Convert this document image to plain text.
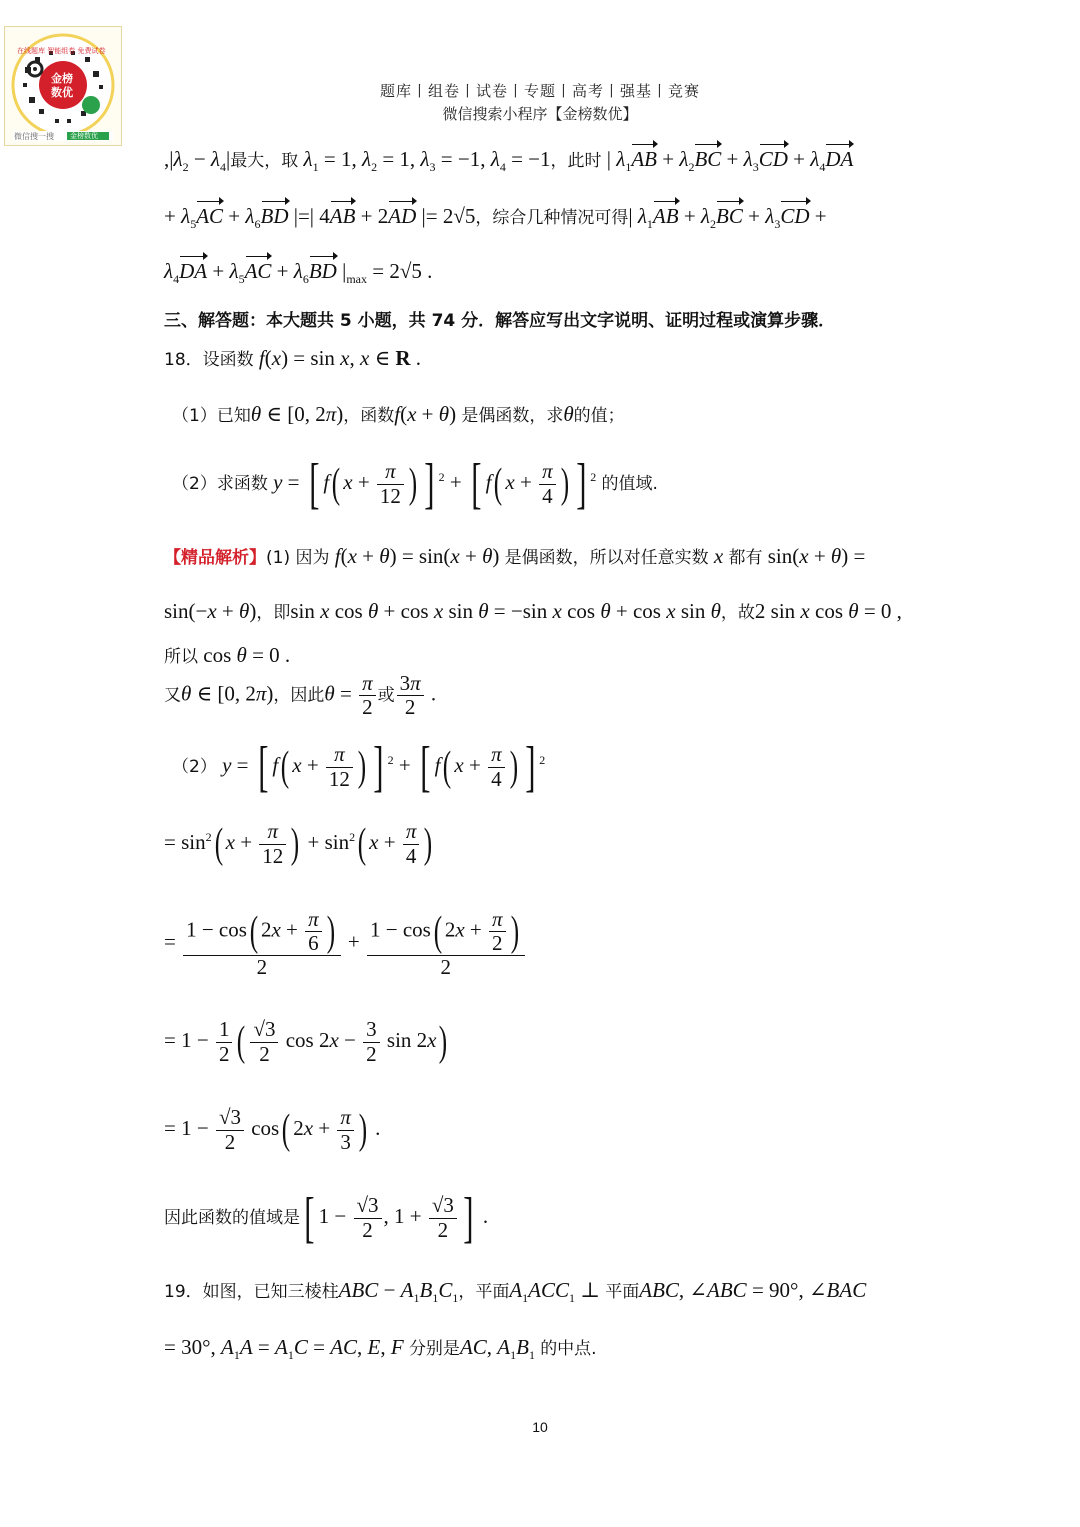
在线题库 智能组卷 免费试卷
金榜
数优
微信搜一搜 金榜数优
题库丨组卷丨试卷丨专题丨高考丨强基丨竞赛
微信搜索小程序【金榜数优】
$,|\lambda_2 - \lambda_4|$最大，取 $\lambda_1 = 1$, $\lambda_2 = 1$, $\lambda_3 = -1$, $\lambda_4 = -1$，此时 | $\lambda_1AB + \lambda_2BC + \lambda_3CD + \lambda_4DA$
+ $\lambda_5AC + \lambda_6BD$ |=| 4AB + 2AD |= 2√5，综合几种情况可得| $\lambda_1AB + \lambda_2BC + \lambda_3CD$ +
$\lambda_4DA + \lambda_5AC + \lambda_6BD$ $|_{max} = 2√5$ .
三、解答题：本大题共 5 小题，共 74 分．解答应写出文字说明、证明过程或演算步骤．
18．设函数 f(x) = sin x, x ∈ R .
（1）已知θ ∈ [0, 2π)，函数f(x + θ) 是偶函数，求θ的值；
（2）求函数 y = [ f( $x + \frac{\pi}{12}$ ) ] $^2$ + [ f( $x + \frac{\pi}{4}$ ) ] $^2$ 的值域.
【精品解析】(1) 因为 f(x + θ) = sin(x + θ) 是偶函数，所以对任意实数 x 都有 sin(x + θ) =
sin(−x + θ)，即sin x cos θ + cos x sin θ = −sin x cos θ + cos x sin θ，故2 sin x cos θ = 0 ,
所以 cos θ = 0 .
又θ ∈ [0, 2π)，因此$\theta = \frac{\pi}{2}$ 或 $\frac{3\pi}{2}$ .
（2） y = [ f( $x + \frac{\pi}{12}$ ) ] $^2$ + [ f( $x + \frac{\pi}{4}$ ) ] $^2$
= $\sin^2$( $x + \frac{\pi}{12}$ ) + $\sin^2$( $x + \frac{\pi}{4}$ )
= $\frac{1 - \cos( 2x + \frac{\pi}{6} )}{2} + \frac{1 - \cos( 2x + \frac{\pi}{2} )}{2}$
= $1 - \frac{1}{2}$ ( $\frac{√3}{2}$ $\cos 2x - \frac{3}{2}$ sin 2x)
= $1 - \frac{√3}{2} \cos$( $2x + \frac{\pi}{3}$ ) .
因此函数的值域是[ $1 - \frac{√3}{2}$ , $1 + \frac{√3}{2}$ ] .
19．如图，已知三棱柱ABC − $A_1B_1C_1$，平面$A_1ACC_1$ ⊥ 平面ABC, ∠ABC = 90°, ∠BAC
= 30°, $A_1A = A_1C$ = AC, E, F 分别是AC, $A_1B_1$ 的中点.
10
